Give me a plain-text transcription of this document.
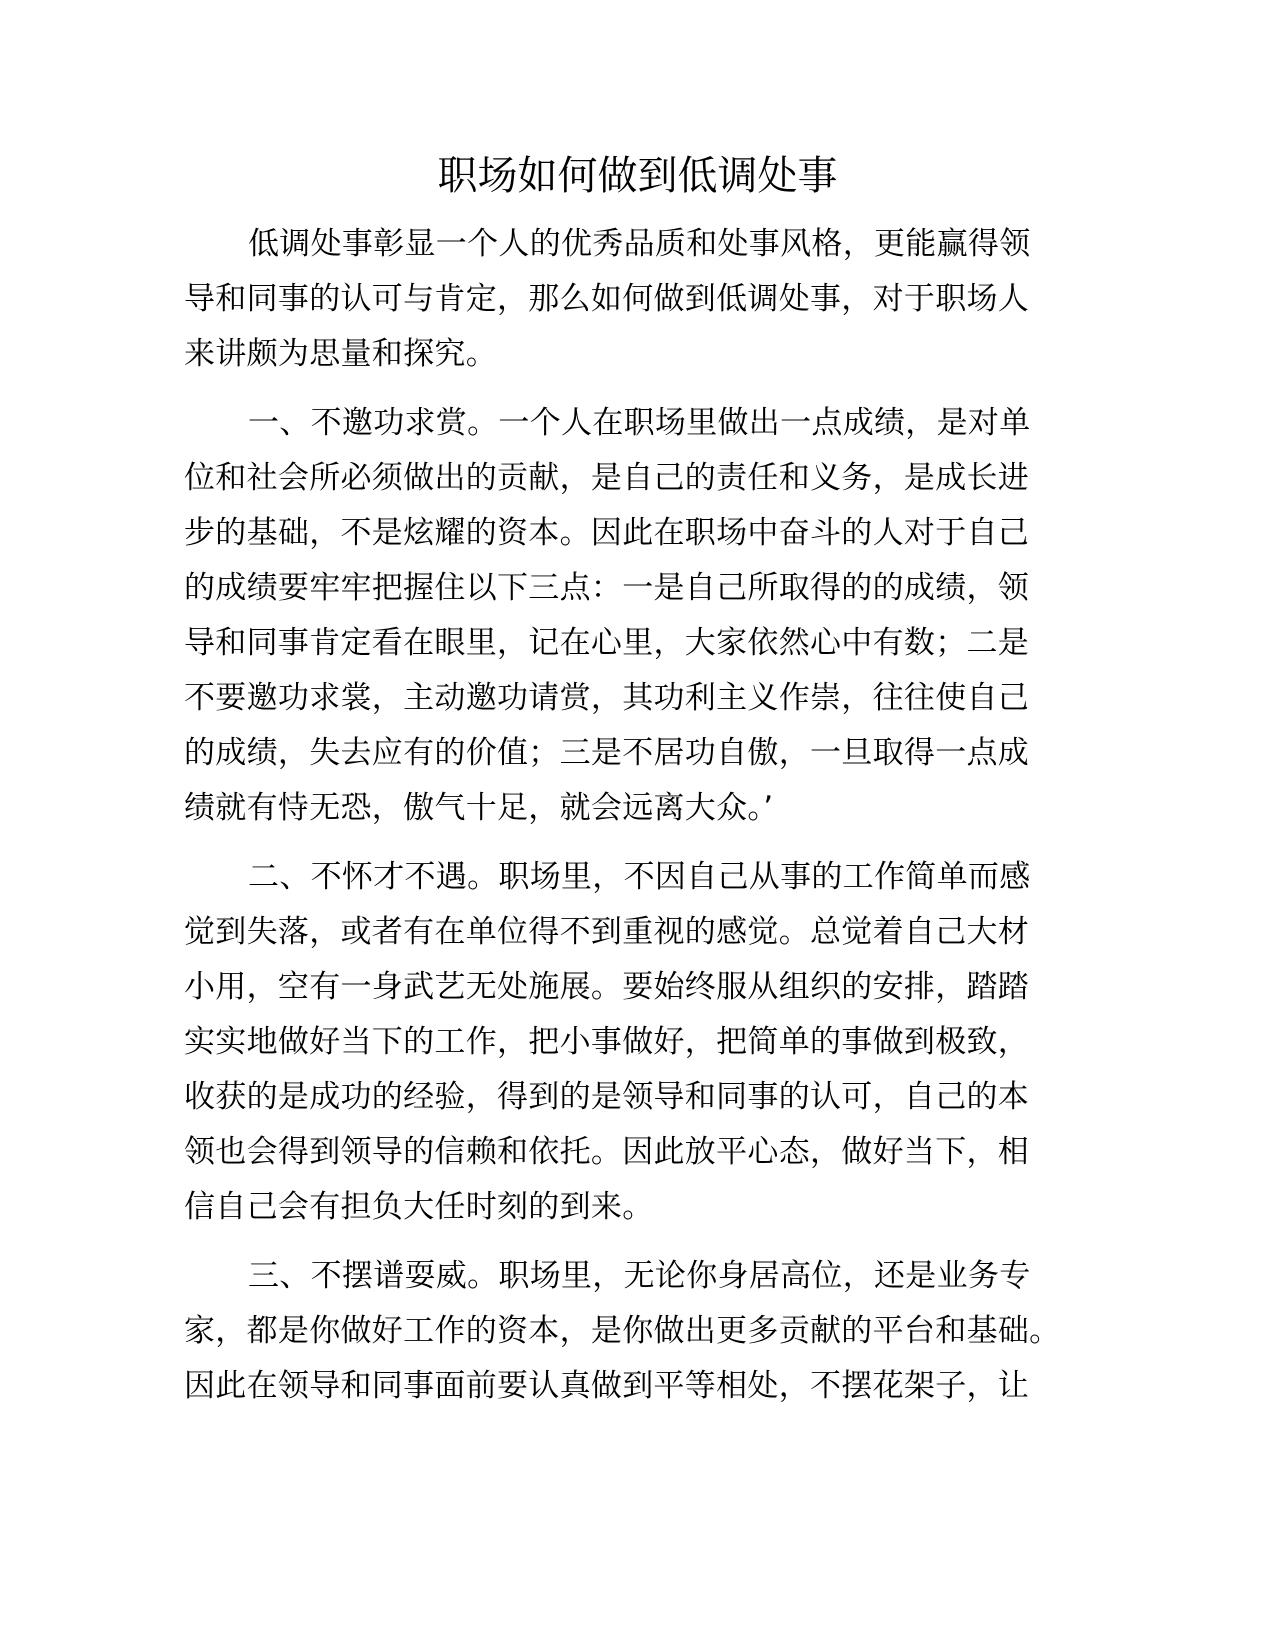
职场如何做到低调处事
低调处事彰显一个人的优秀品质和处事风格，更能赢得领
导和同事的认可与肯定，那么如何做到低调处事，对于职场人
来讲颇为思量和探究。
一、不邀功求赏。一个人在职场里做出一点成绩，是对单
位和社会所必须做出的贡献，是自己的责任和义务，是成长进
步的基础，不是炫耀的资本。因此在职场中奋斗的人对于自己
的成绩要牢牢把握住以下三点：一是自己所取得的的成绩，领
导和同事肯定看在眼里，记在心里，大家依然心中有数；二是
不要邀功求裳，主动邀功请赏，其功利主义作崇，往往使自己
的成绩，失去应有的价值；三是不居功自傲，一旦取得一点成
绩就有恃无恐，傲气十足，就会远离大众。’
二、不怀才不遇。职场里，不因自己从事的工作简单而感
觉到失落，或者有在单位得不到重视的感觉。总觉着自己大材
小用，空有一身武艺无处施展。要始终服从组织的安排，踏踏
实实地做好当下的工作，把小事做好，把简单的事做到极致，
收获的是成功的经验，得到的是领导和同事的认可，自己的本
领也会得到领导的信赖和依托。因此放平心态，做好当下，相
信自己会有担负大任时刻的到来。
三、不摆谱耍威。职场里，无论你身居高位，还是业务专
家，都是你做好工作的资本，是你做出更多贡献的平台和基础。
因此在领导和同事面前要认真做到平等相处，不摆花架子，让
